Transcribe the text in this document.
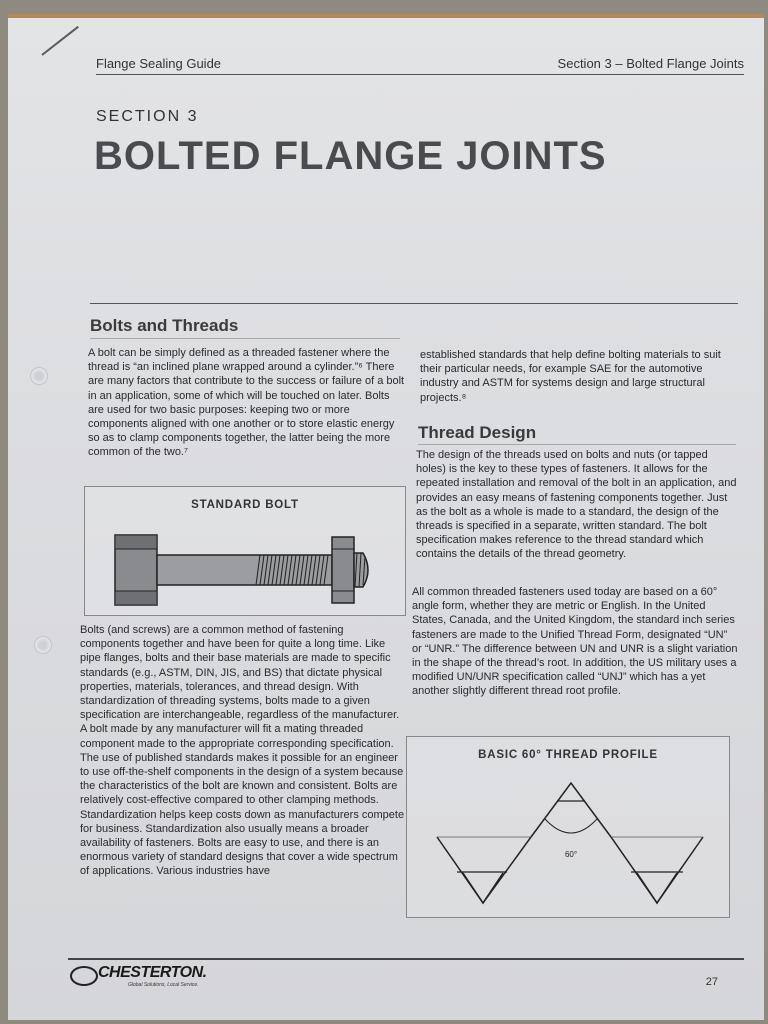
Flange Sealing Guide	Section 3 – Bolted Flange Joints
SECTION 3
BOLTED FLANGE JOINTS
Bolts and Threads

A bolt can be simply defined as a threaded fastener where the thread is “an inclined plane wrapped around a cylinder.”⁶ There are many factors that contribute to the success or failure of a bolt in an application, some of which will be touched on later. Bolts are used for two basic purposes: keeping two or more components aligned with one another or to store elastic energy so as to clamp components together, the latter being the more common of the two.⁷

STANDARD BOLT

Bolts (and screws) are a common method of fastening components together and have been for quite a long time. Like pipe flanges, bolts and their base materials are made to specific standards (e.g., ASTM, DIN, JIS, and BS) that dictate physical properties, materials, tolerances, and thread design. With standardization of threading systems, bolts made to a given specification are interchangeable, regardless of the manufacturer. A bolt made by any manufacturer will fit a mating threaded component made to the appropriate corresponding specification. The use of published standards makes it possible for an engineer to use off-the-shelf components in the design of a system because the characteristics of the bolt are known and consistent. Bolts are relatively cost-effective compared to other clamping methods. Standardization helps keep costs down as manufacturers compete for business. Standardization also usually means a broader availability of fasteners. Bolts are easy to use, and there is an enormous variety of standard designs that cover a wide spectrum of applications. Various industries have

established standards that help define bolting materials to suit their particular needs, for example SAE for the automotive industry and ASTM for systems design and large structural projects.⁸

Thread Design

The design of the threads used on bolts and nuts (or tapped holes) is the key to these types of fasteners. It allows for the repeated installation and removal of the bolt in an application, and provides an easy means of fastening components together. Just as the bolt as a whole is made to a standard, the design of the threads is specified in a separate, written standard. The bolt specification makes reference to the thread standard which contains the details of the thread geometry.

All common threaded fasteners used today are based on a 60° angle form, whether they are metric or English. In the United States, Canada, and the United Kingdom, the standard inch series fasteners are made to the Unified Thread Form, designated “UN” or “UNR.” The difference between UN and UNR is a slight variation in the shape of the thread’s root. In addition, the US military uses a modified UN/UNR specification called “UNJ” which has a yet another slightly different thread root profile.

BASIC 60° THREAD PROFILE
60°
CHESTERTON.
Global Solutions, Local Service.	27
